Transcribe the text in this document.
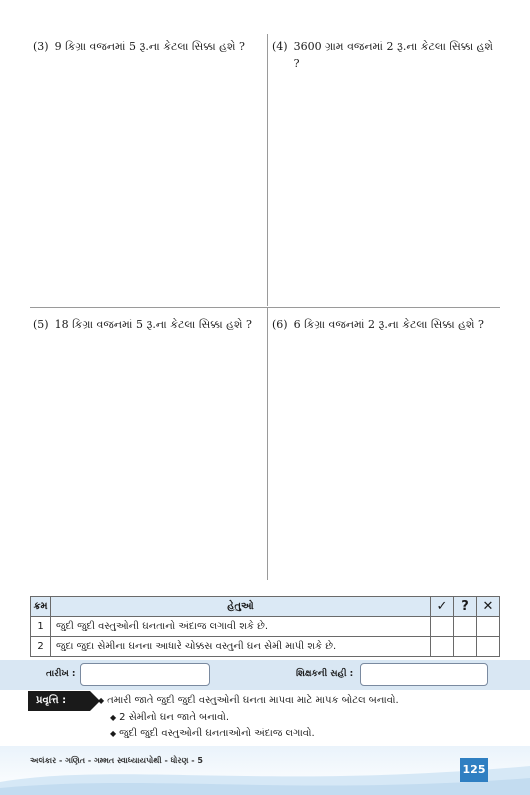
(3) 9 કિગ્રા વજનમાં 5 રૂ.ના કેટલા સિક્કા હશે ?	(4) 3600 ગ્રામ વજનમાં 2 રૂ.ના કેટલા સિક્કા હશે ?
(5) 18 કિગ્રા વજનમાં 5 રૂ.ના કેટલા સિક્કા હશે ?	(6) 6 કિગ્રા વજનમાં 2 રૂ.ના કેટલા સિક્કા હશે ?
ક્રમ	હેતુઓ	✓	?	✕
1	જુદી જુદી વસ્તુઓની ઘનતાનો અંદાજ લગાવી શકે છે.			
2	જુદા જુદા સેમીના ઘનના આધારે ચોક્કસ વસ્તુની ઘન સેમી માપી શકે છે.			
તારીખ :	શિક્ષકની સહી :
પ્રવૃત્તિ :	◆ તમારી જાતે જુદી જુદી વસ્તુઓની ઘનતા માપવા માટે માપક બોટલ બનાવો.
◆ 2 સેમીનો ઘન જાતે બનાવો.
◆ જુદી જુદી વસ્તુઓની ઘનતાઓનો અંદાજ લગાવો.
અલંકાર - ગણિત - ગમ્મત સ્વાધ્યાયપોથી - ધોરણ - 5
125
